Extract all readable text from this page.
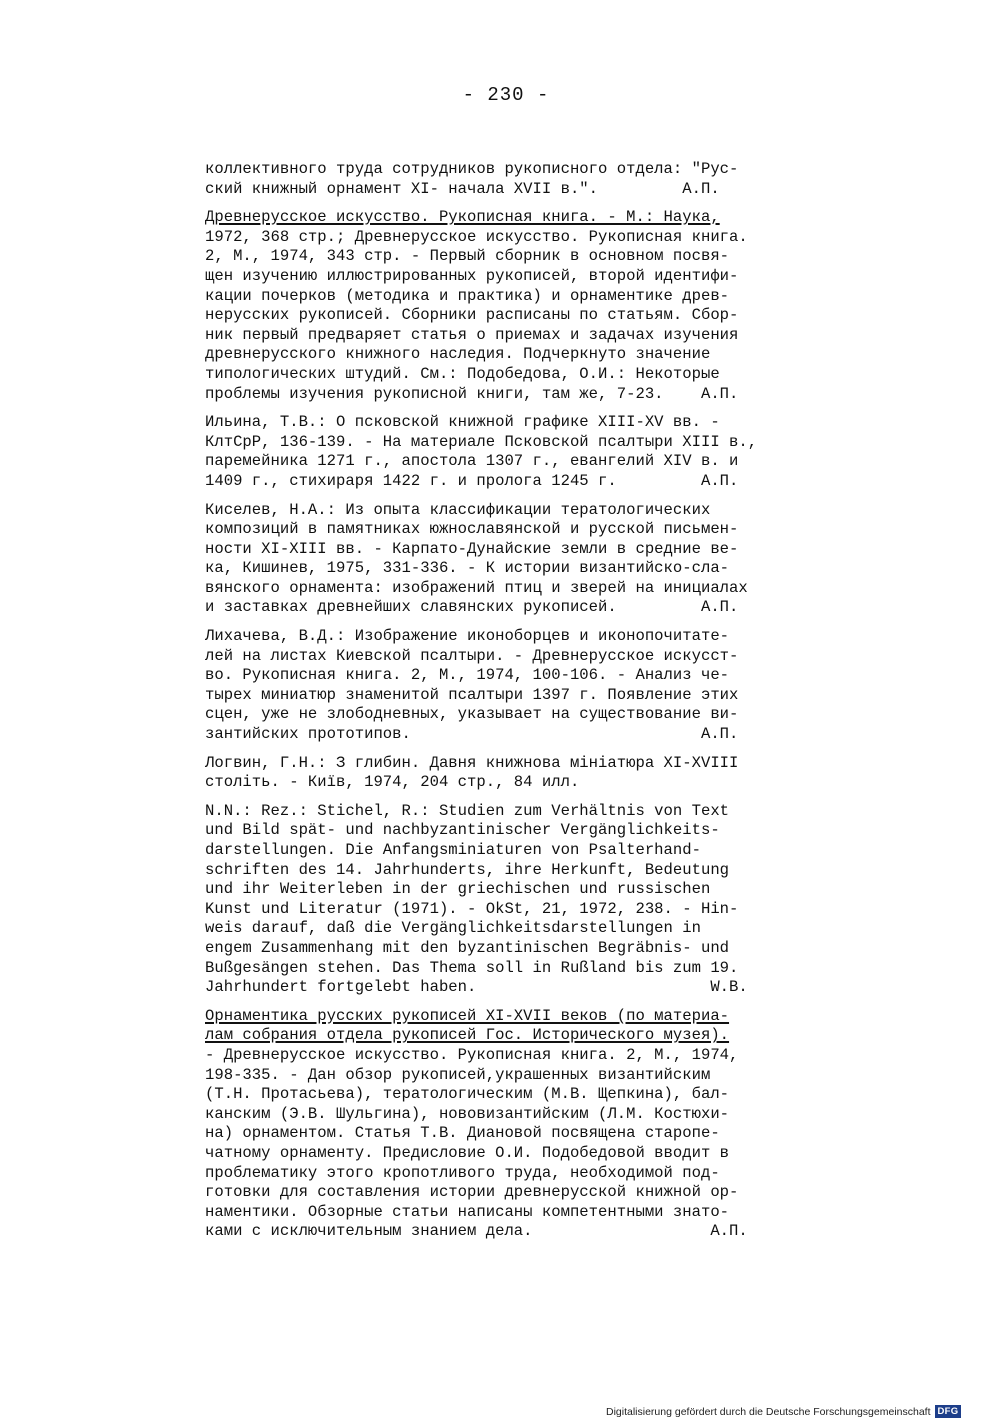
- 230 -
коллективного труда сотрудников рукописного отдела: "Рус-
ский книжный орнамент XI- начала XVII в.".         А.П.
Древнерусское искусство. Рукописная книга. - М.: Наука,
1972, 368 стр.; Древнерусское искусство. Рукописная книга.
2, М., 1974, 343 стр. - Первый сборник в основном посвя-
щен изучению иллюстрированных рукописей, второй идентифи-
кации почерков (методика и практика) и орнаментике древ-
нерусских рукописей. Сборники расписаны по статьям. Сбор-
ник первый предваряет статья о приемах и задачах изучения
древнерусского книжного наследия. Подчеркнуто значение
типологических штудий. См.: Подобедова, О.И.: Некоторые
проблемы изучения рукописной книги, там же, 7-23.    А.П.
Ильина, Т.В.: О псковской книжной графике XIII-XV вв. -
КлтСрР, 136-139. - На материале Псковской псалтыри XIII в.,
паремейника 1271 г., апостола 1307 г., евангелий XIV в. и
1409 г., стихираря 1422 г. и пролога 1245 г.         А.П.
Киселев, Н.А.: Из опыта классификации тератологических
композиций в памятниках южнославянской и русской письмен-
ности XI-XIII вв. - Карпато-Дунайские земли в средние ве-
ка, Кишинев, 1975, 331-336. - К истории византийско-сла-
вянского орнамента: изображений птиц и зверей на инициалах
и заставках древнейших славянских рукописей.         А.П.
Лихачева, В.Д.: Изображение иконоборцев и иконопочитате-
лей на листах Киевской псалтыри. - Древнерусское искусст-
во. Рукописная книга. 2, М., 1974, 100-106. - Анализ че-
тырех миниатюр знаменитой псалтыри 1397 г. Появление этих
сцен, уже не злободневных, указывает на существование ви-
зантийских прототипов.                               А.П.
Логвин, Г.Н.: З глибин. Давня книжнова мініатюра XI-XVIII
століть. - Київ, 1974, 204 стр., 84 илл.
N.N.: Rez.: Stichel, R.: Studien zum Verhältnis von Text
und Bild spät- und nachbyzantinischer Vergänglichkeits-
darstellungen. Die Anfangsminiaturen von Psalterhand-
schriften des 14. Jahrhunderts, ihre Herkunft, Bedeutung
und ihr Weiterleben in der griechischen und russischen
Kunst und Literatur (1971). - OkSt, 21, 1972, 238. - Hin-
weis darauf, daß die Vergänglichkeitsdarstellungen in
engem Zusammenhang mit den byzantinischen Begräbnis- und
Bußgesängen stehen. Das Thema soll in Rußland bis zum 19.
Jahrhundert fortgelebt haben.                         W.B.
Орнаментика русских рукописей XI-XVII веков (по материа-
лам собрания отдела рукописей Гос. Исторического музея).
- Древнерусское искусство. Рукописная книга. 2, М., 1974,
198-335. - Дан обзор рукописей,украшенных византийским
(Т.Н. Протасьева), тератологическим (М.В. Щепкина), бал-
канским (Э.В. Шульгина), нововизантийским (Л.М. Костюхи-
на) орнаментом. Статья Т.В. Диановой посвящена старопе-
чатному орнаменту. Предисловие О.И. Подобедовой вводит в
проблематику этого кропотливого труда, необходимой под-
готовки для составления истории древнерусской книжной ор-
наментики. Обзорные статьи написаны компетентными знато-
ками с исключительным знанием дела.                   А.П.
Digitalisierung gefördert durch die Deutsche Forschungsgemeinschaft DFG
